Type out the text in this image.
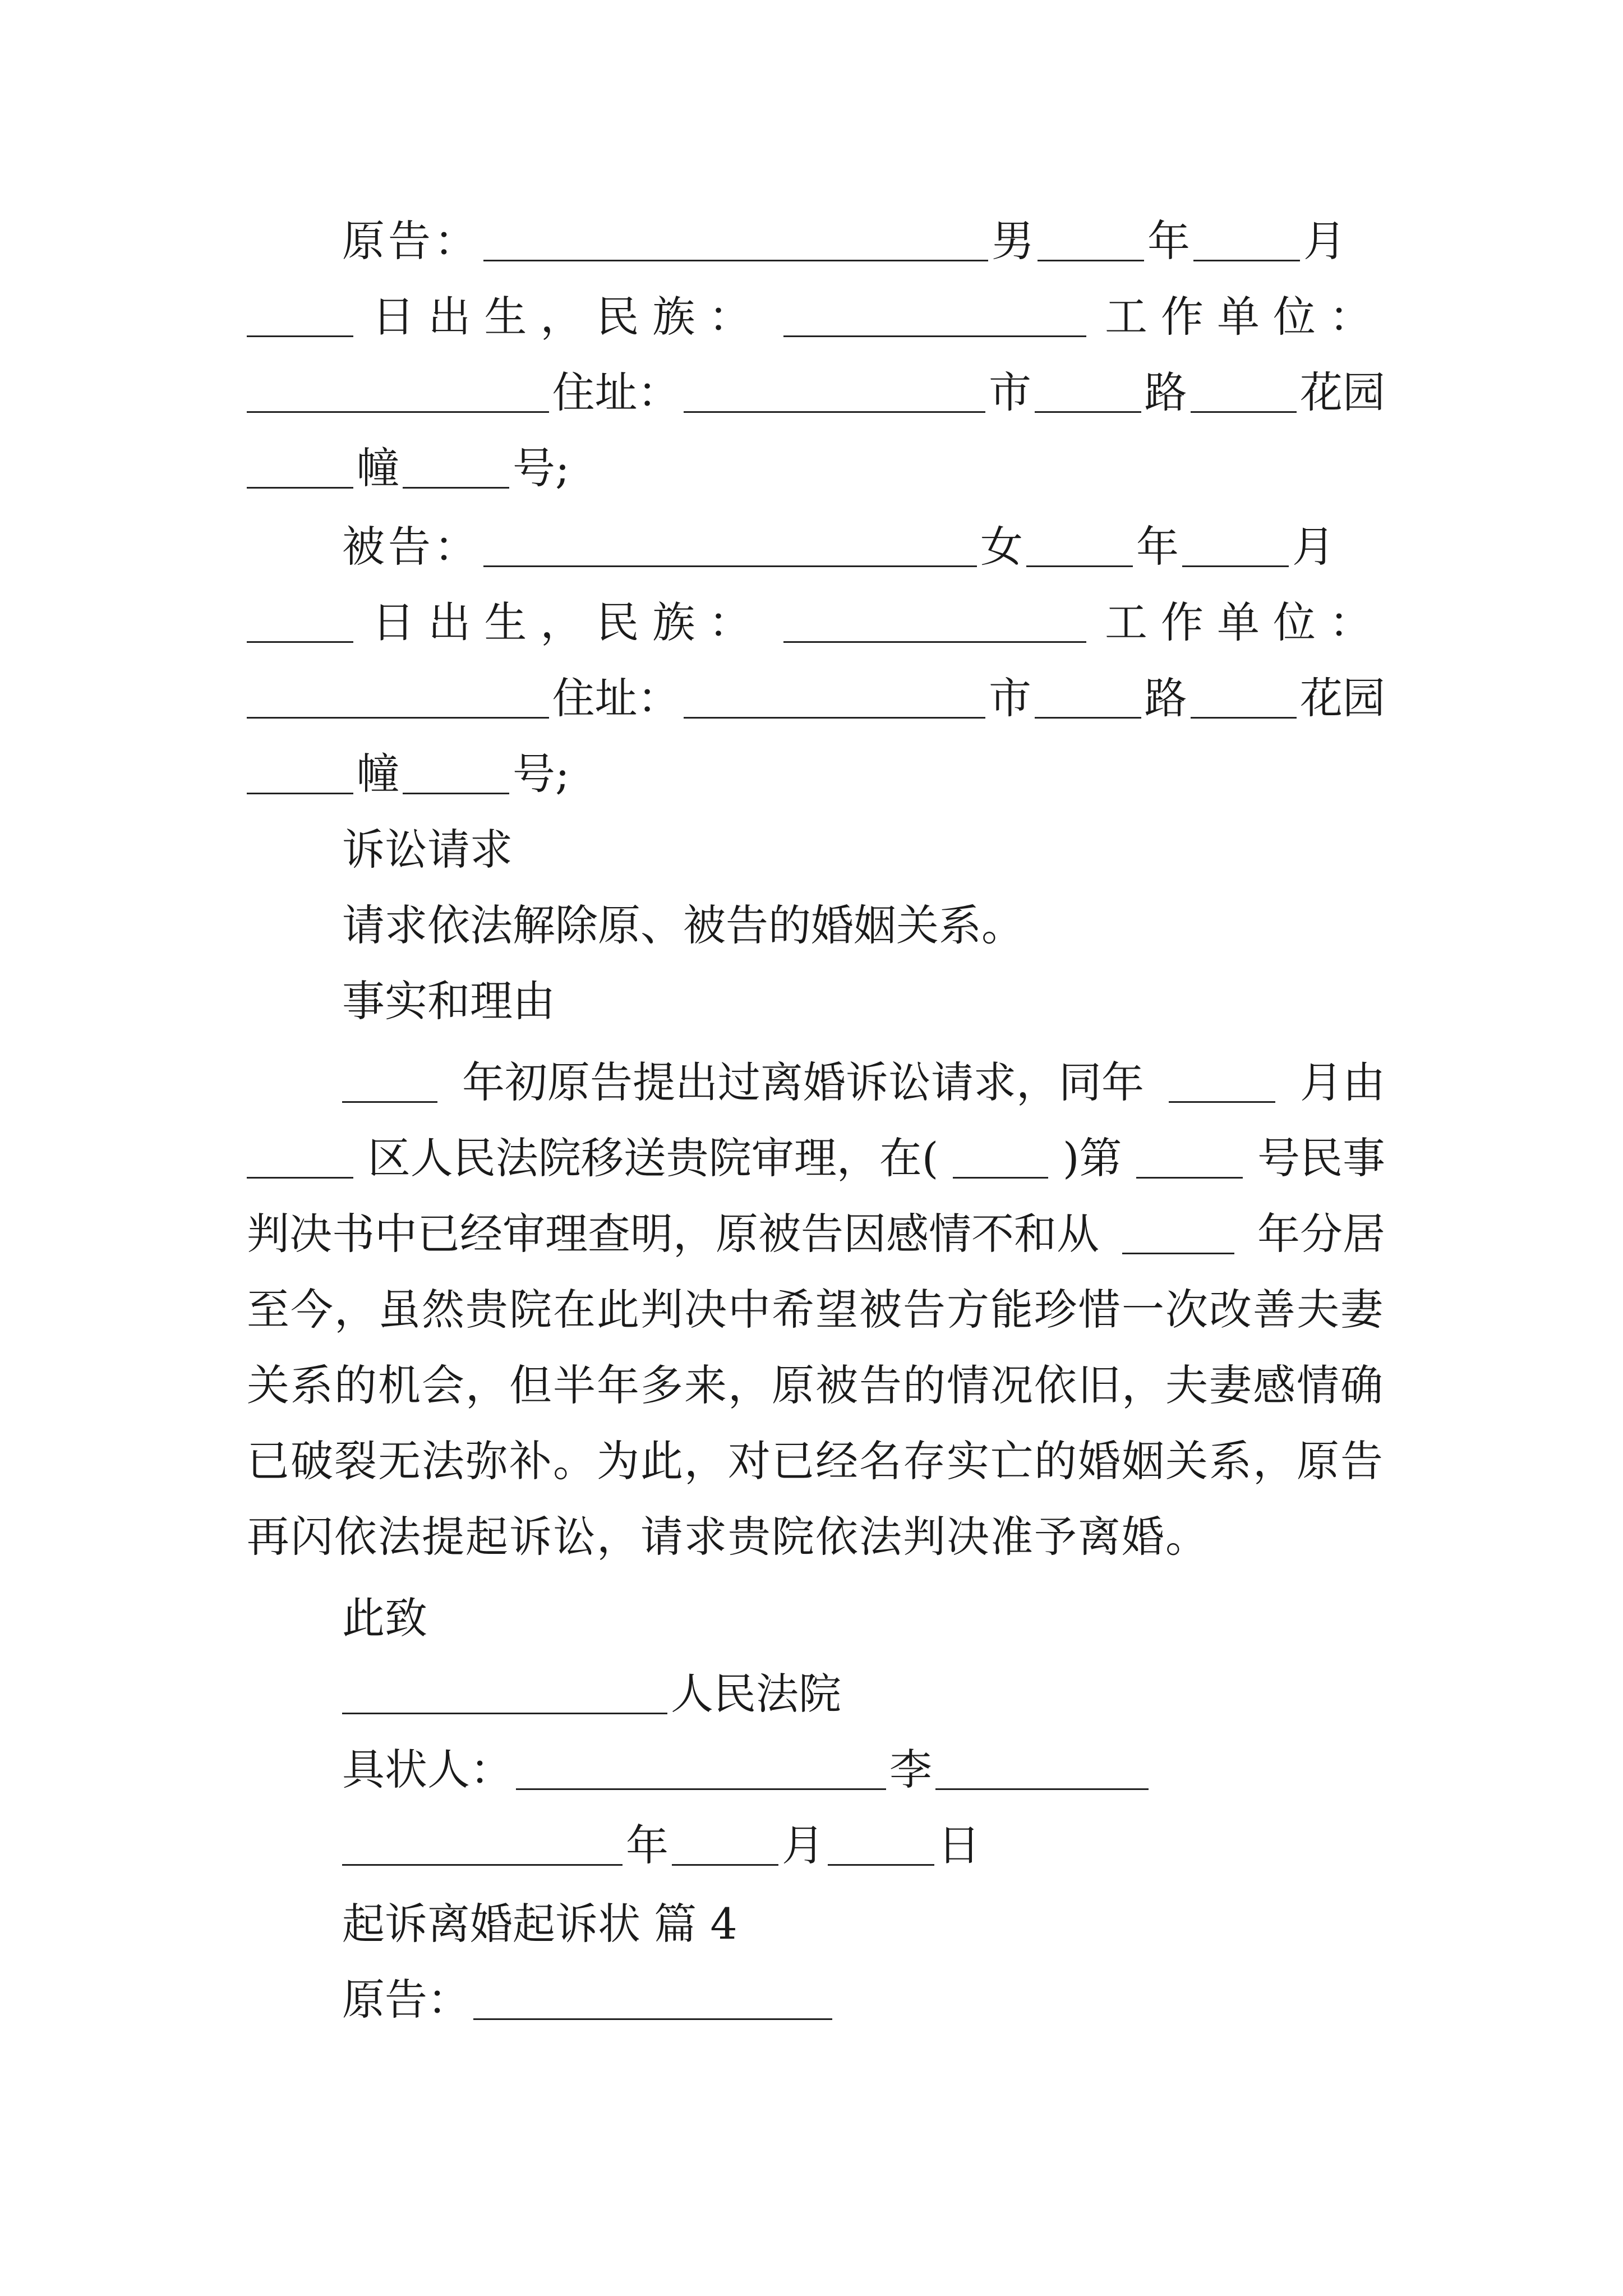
原告：	男	年	月
日出生，民族：	工作单位：
住址：	市	路	花园
幢	号;
被告：	女	年	月
日出生，民族：	工作单位：
住址：	市	路	花园
幢	号;
诉讼请求
请求依法解除原、被告的婚姻关系。
事实和理由
年初原告提出过离婚诉讼请求，同年	月由
区人民法院移送贵院审理，在(	)第	号民事
判决书中已经审理查明，原被告因感情不和从	年分居
至今，虽然贵院在此判决中希望被告方能珍惜一次改善夫妻
关系的机会，但半年多来，原被告的情况依旧，夫妻感情确
已破裂无法弥补。为此，对已经名存实亡的婚姻关系，原告
再闪依法提起诉讼，请求贵院依法判决准予离婚。
此致
人民法院
具状人：	李
年	月	日
起诉离婚起诉状 篇 4
原告：
